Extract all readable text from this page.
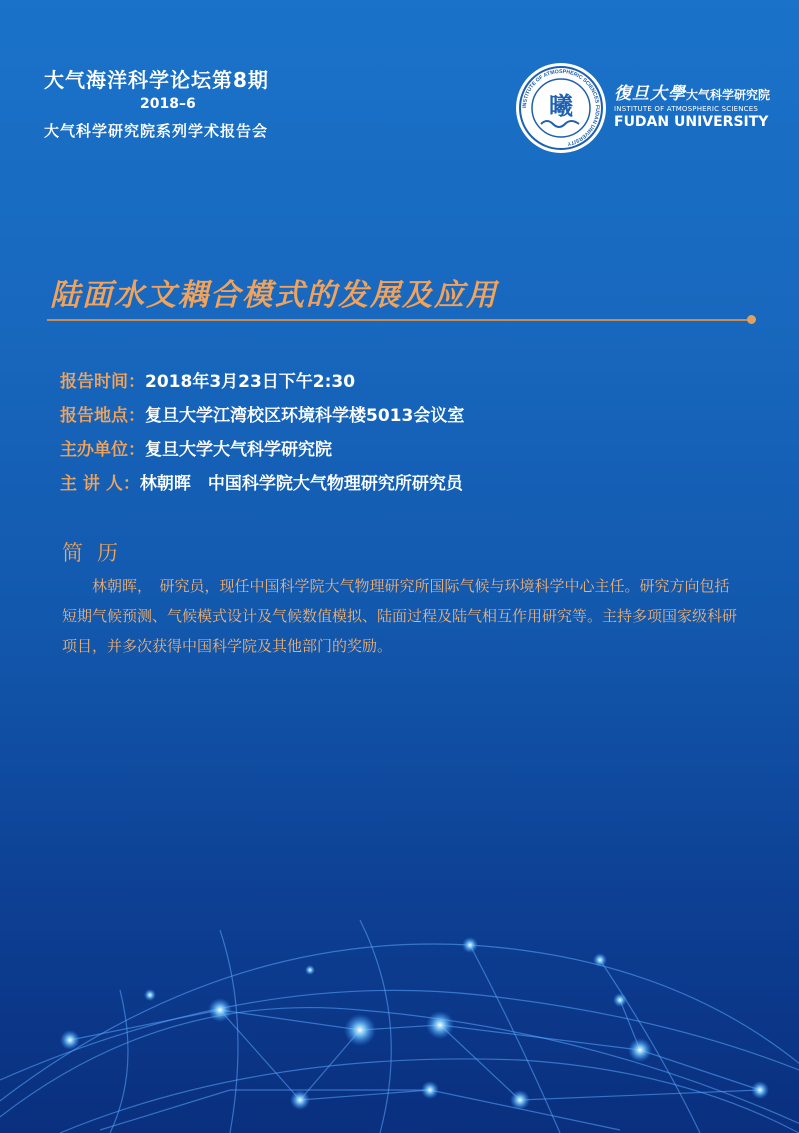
大气海洋科学论坛第8期
2018–6
大气科学研究院系列学术报告会
INSTITUTE OF ATMOSPHERIC SCIENCES FUDAN UNIVERSITY
曦 復旦大學大气科学研究院
INSTITUTE OF ATMOSPHERIC SCIENCES
FUDAN UNIVERSITY
陆面水文耦合模式的发展及应用
报告时间：2018年3月23日下午2:30
报告地点：复旦大学江湾校区环境科学楼5013会议室
主办单位：复旦大学大气科学研究院
主 讲 人：林朝晖　中国科学院大气物理研究所研究员
简历
林朝晖，　研究员，现任中国科学院大气物理研究所国际气候与环境科学中心主任。研究方向包括短期气候预测、气候模式设计及气候数值模拟、陆面过程及陆气相互作用研究等。主持多项国家级科研项目，并多次获得中国科学院及其他部门的奖励。
